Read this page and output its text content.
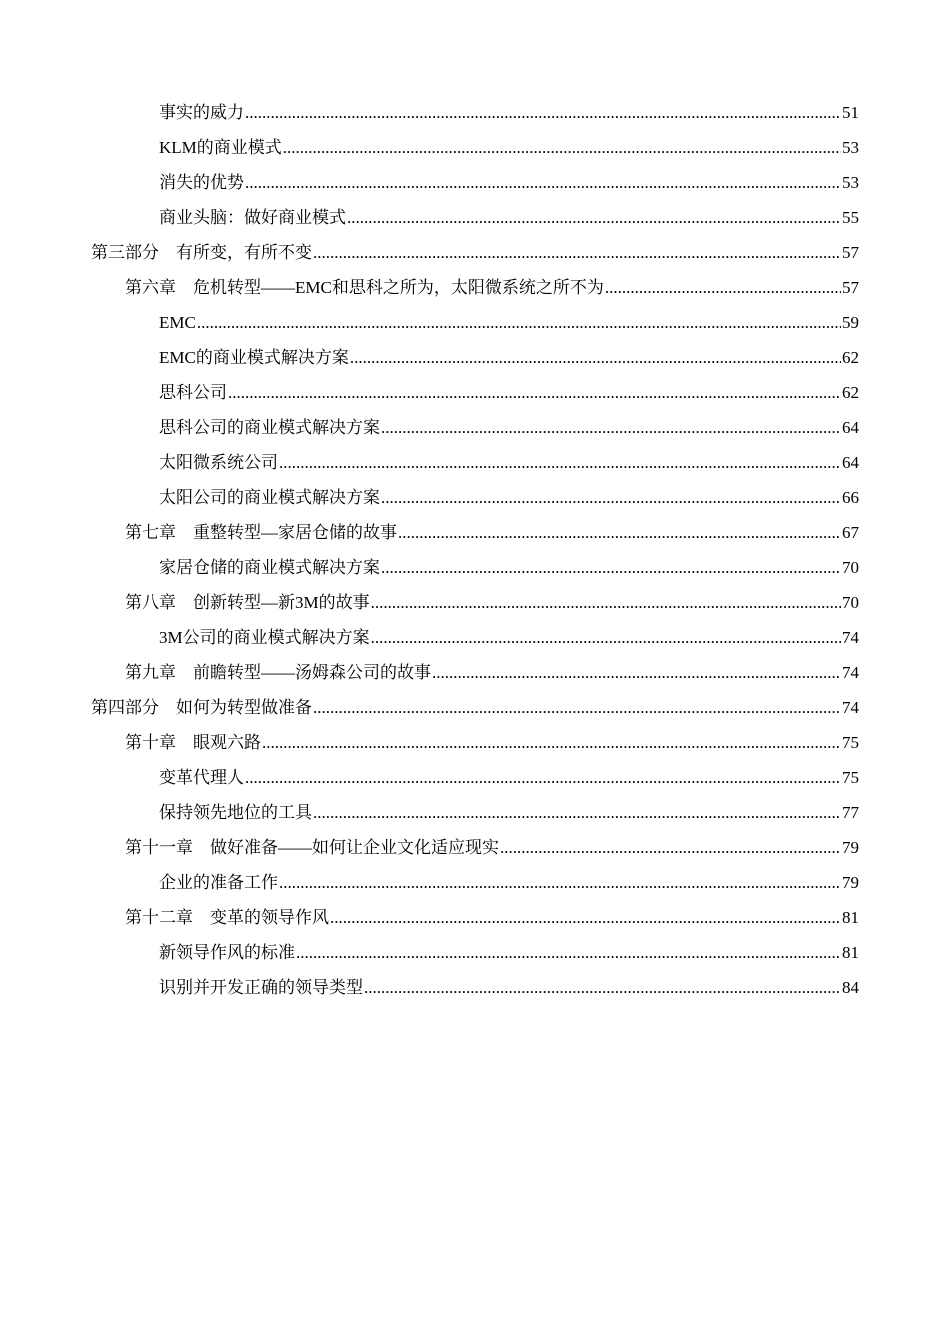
事实的威力 .....	51
KLM的商业模式 .....	53
消失的优势 .....	53
商业头脑：做好商业模式 .....	55
第三部分　有所变，有所不变 .....	57
第六章　危机转型——EMC和思科之所为，太阳微系统之所不为 .....	57
EMC .....	59
EMC的商业模式解决方案 .....	62
思科公司 .....	62
思科公司的商业模式解决方案 .....	64
太阳微系统公司 .....	64
太阳公司的商业模式解决方案 .....	66
第七章　重整转型—家居仓储的故事 .....	67
家居仓储的商业模式解决方案 .....	70
第八章　创新转型—新3M的故事 .....	70
3M公司的商业模式解决方案 .....	74
第九章　前瞻转型——汤姆森公司的故事 .....	74
第四部分　如何为转型做准备 .....	74
第十章　眼观六路 .....	75
变革代理人 .....	75
保持领先地位的工具 .....	77
第十一章　做好准备——如何让企业文化适应现实 .....	79
企业的准备工作 .....	79
第十二章　变革的领导作风 .....	81
新领导作风的标准 .....	81
识别并开发正确的领导类型 .....	84
